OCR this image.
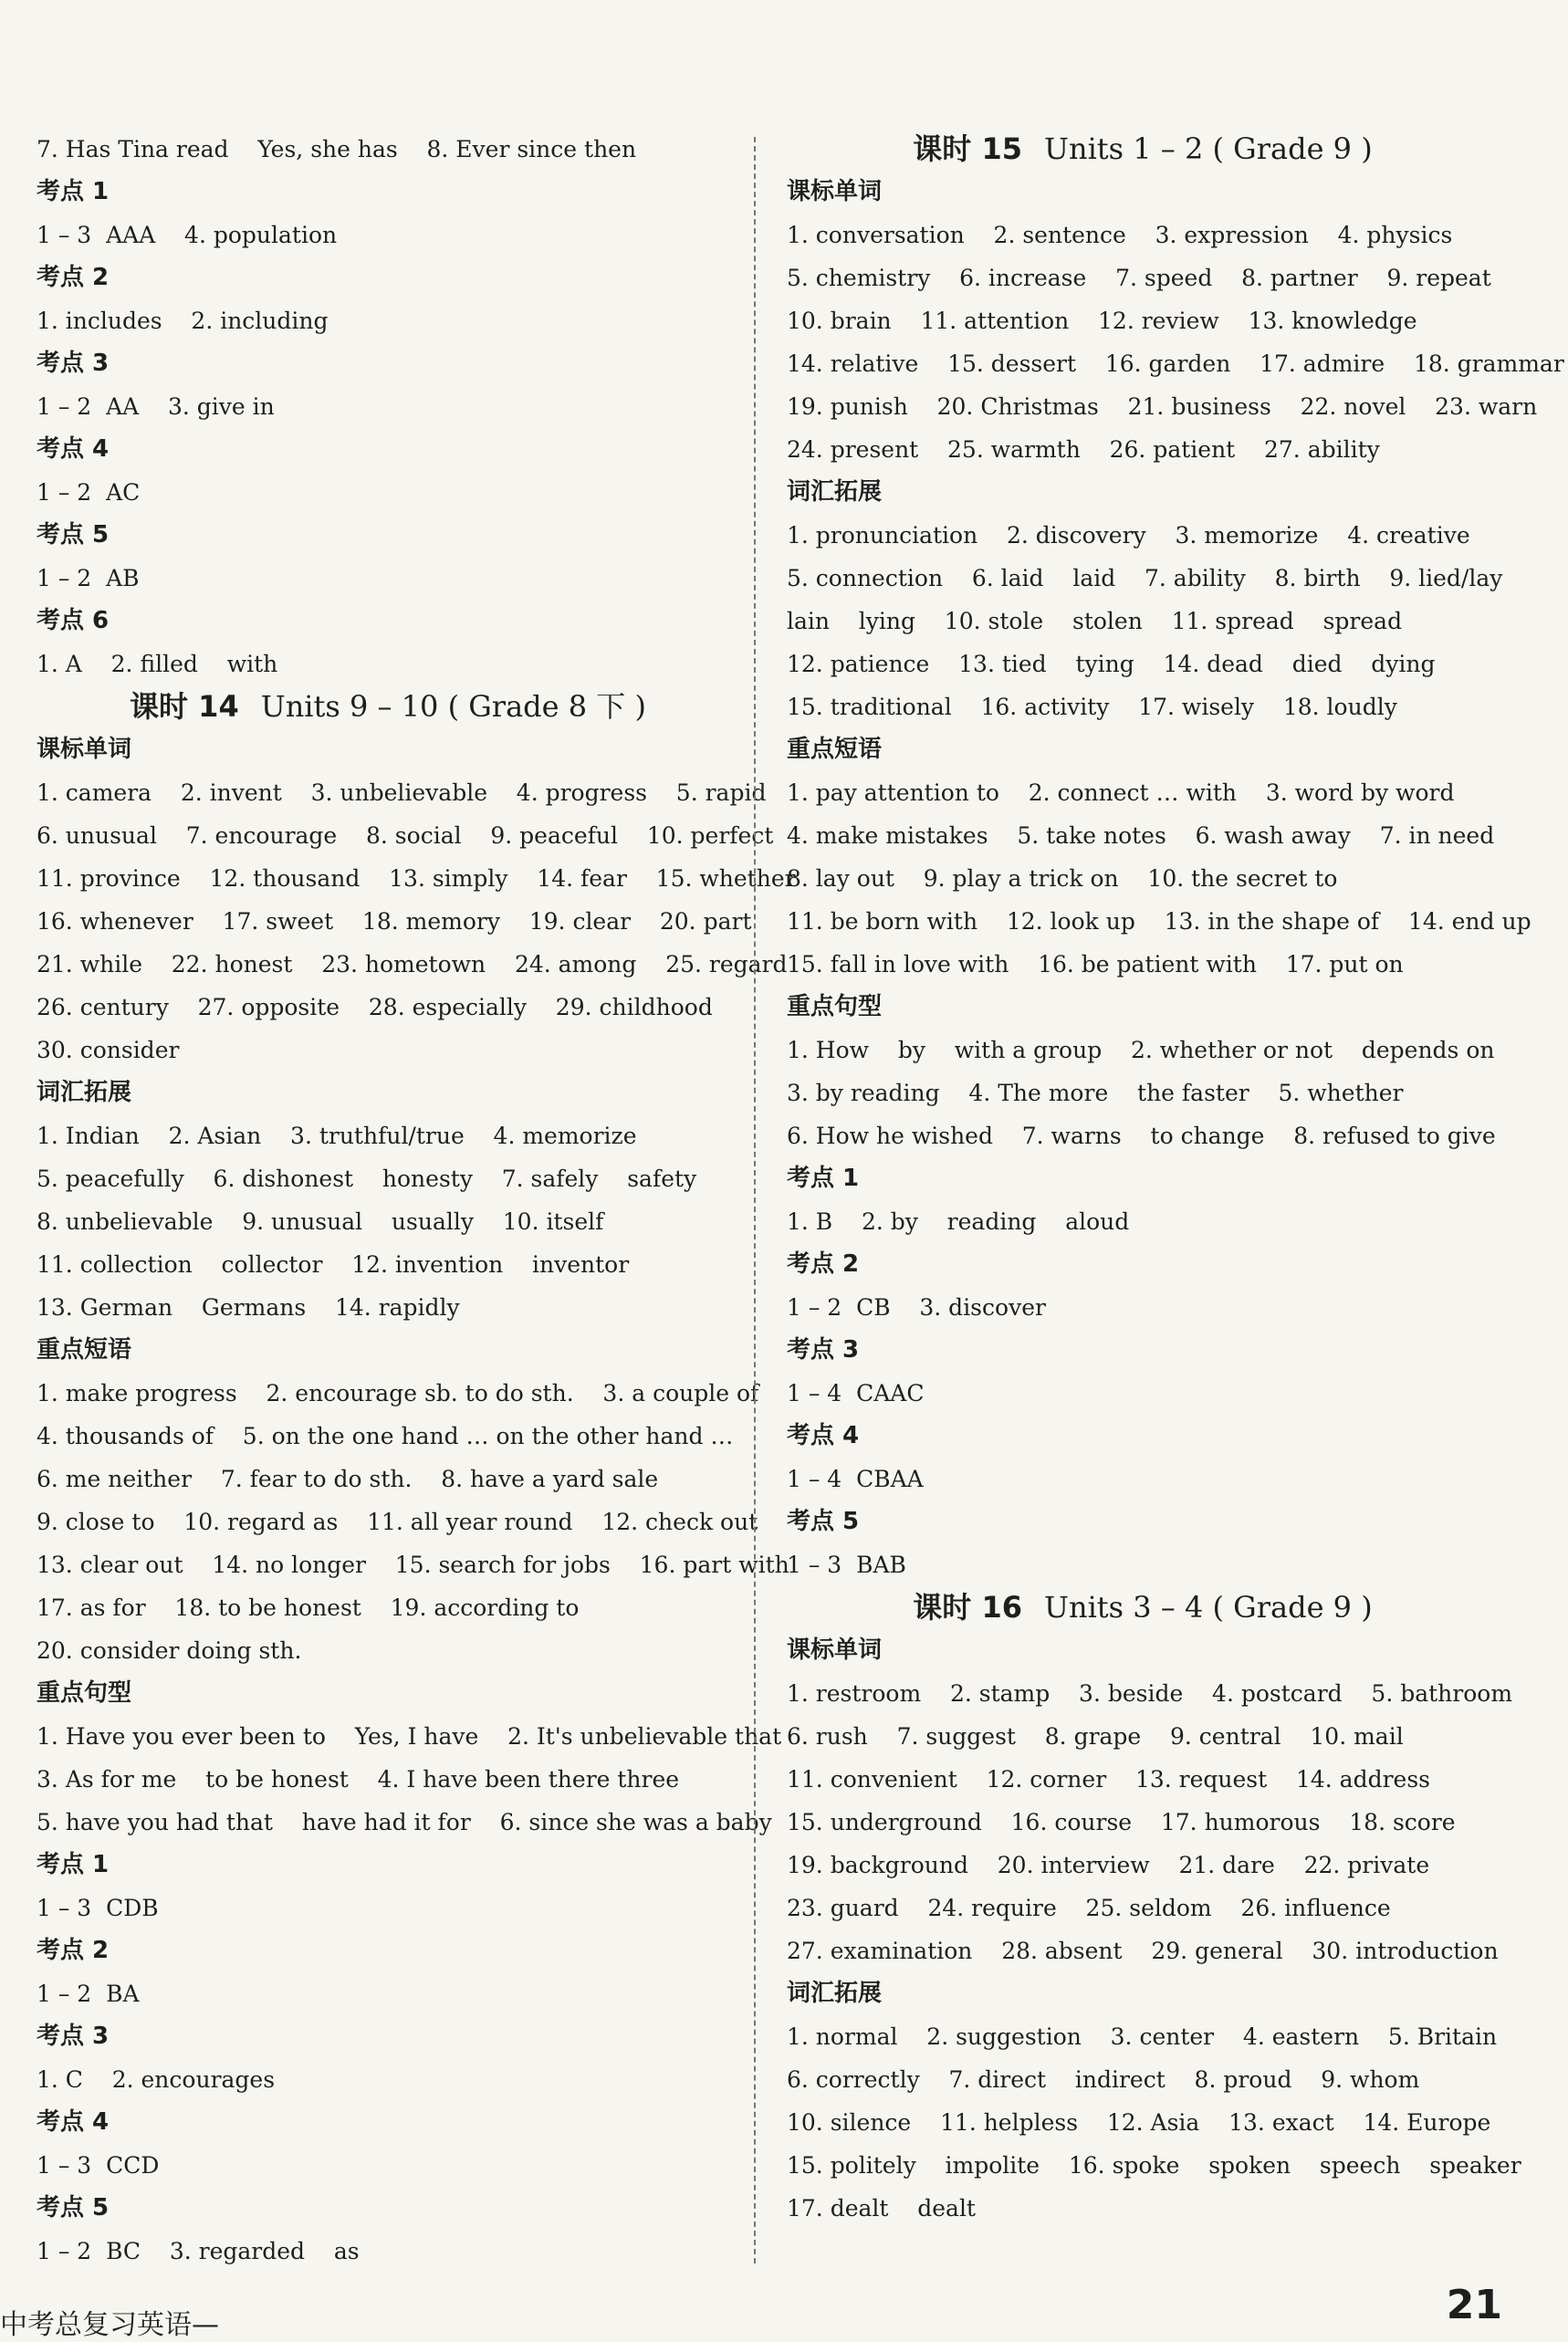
7. Has Tina read    Yes, she has    8. Ever since then
考点 1
1 – 3  AAA    4. population
考点 2
1. includes    2. including
考点 3
1 – 2  AA    3. give in
考点 4
1 – 2  AC
考点 5
1 – 2  AB
考点 6
1. A    2. filled    with
课时 14 Units 9 – 10 ( Grade 8 下 )
课标单词
1. camera    2. invent    3. unbelievable    4. progress    5. rapid
6. unusual    7. encourage    8. social    9. peaceful    10. perfect
11. province    12. thousand    13. simply    14. fear    15. whether
16. whenever    17. sweet    18. memory    19. clear    20. part
21. while    22. honest    23. hometown    24. among    25. regard
26. century    27. opposite    28. especially    29. childhood
30. consider
词汇拓展
1. Indian    2. Asian    3. truthful/true    4. memorize
5. peacefully    6. dishonest    honesty    7. safely    safety
8. unbelievable    9. unusual    usually    10. itself
11. collection    collector    12. invention    inventor
13. German    Germans    14. rapidly
重点短语
1. make progress    2. encourage sb. to do sth.    3. a couple of
4. thousands of    5. on the one hand … on the other hand …
6. me neither    7. fear to do sth.    8. have a yard sale
9. close to    10. regard as    11. all year round    12. check out
13. clear out    14. no longer    15. search for jobs    16. part with
17. as for    18. to be honest    19. according to
20. consider doing sth.
重点句型
1. Have you ever been to    Yes, I have    2. It's unbelievable that
3. As for me    to be honest    4. I have been there three
5. have you had that    have had it for    6. since she was a baby
考点 1
1 – 3  CDB
考点 2
1 – 2  BA
考点 3
1. C    2. encourages
考点 4
1 – 3  CCD
考点 5
1 – 2  BC    3. regarded    as
课时 15 Units 1 – 2 ( Grade 9 )
课标单词
1. conversation    2. sentence    3. expression    4. physics
5. chemistry    6. increase    7. speed    8. partner    9. repeat
10. brain    11. attention    12. review    13. knowledge
14. relative    15. dessert    16. garden    17. admire    18. grammar
19. punish    20. Christmas    21. business    22. novel    23. warn
24. present    25. warmth    26. patient    27. ability
词汇拓展
1. pronunciation    2. discovery    3. memorize    4. creative
5. connection    6. laid    laid    7. ability    8. birth    9. lied/lay
lain    lying    10. stole    stolen    11. spread    spread
12. patience    13. tied    tying    14. dead    died    dying
15. traditional    16. activity    17. wisely    18. loudly
重点短语
1. pay attention to    2. connect … with    3. word by word
4. make mistakes    5. take notes    6. wash away    7. in need
8. lay out    9. play a trick on    10. the secret to
11. be born with    12. look up    13. in the shape of    14. end up
15. fall in love with    16. be patient with    17. put on
重点句型
1. How    by    with a group    2. whether or not    depends on
3. by reading    4. The more    the faster    5. whether
6. How he wished    7. warns    to change    8. refused to give
考点 1
1. B    2. by    reading    aloud
考点 2
1 – 2  CB    3. discover
考点 3
1 – 4  CAAC
考点 4
1 – 4  CBAA
考点 5
1 – 3  BAB
课时 16 Units 3 – 4 ( Grade 9 )
课标单词
1. restroom    2. stamp    3. beside    4. postcard    5. bathroom
6. rush    7. suggest    8. grape    9. central    10. mail
11. convenient    12. corner    13. request    14. address
15. underground    16. course    17. humorous    18. score
19. background    20. interview    21. dare    22. private
23. guard    24. require    25. seldom    26. influence
27. examination    28. absent    29. general    30. introduction
词汇拓展
1. normal    2. suggestion    3. center    4. eastern    5. Britain
6. correctly    7. direct    indirect    8. proud    9. whom
10. silence    11. helpless    12. Asia    13. exact    14. Europe
15. politely    impolite    16. spoke    spoken    speech    speaker
17. dealt    dealt
中考总复习英语—	21
